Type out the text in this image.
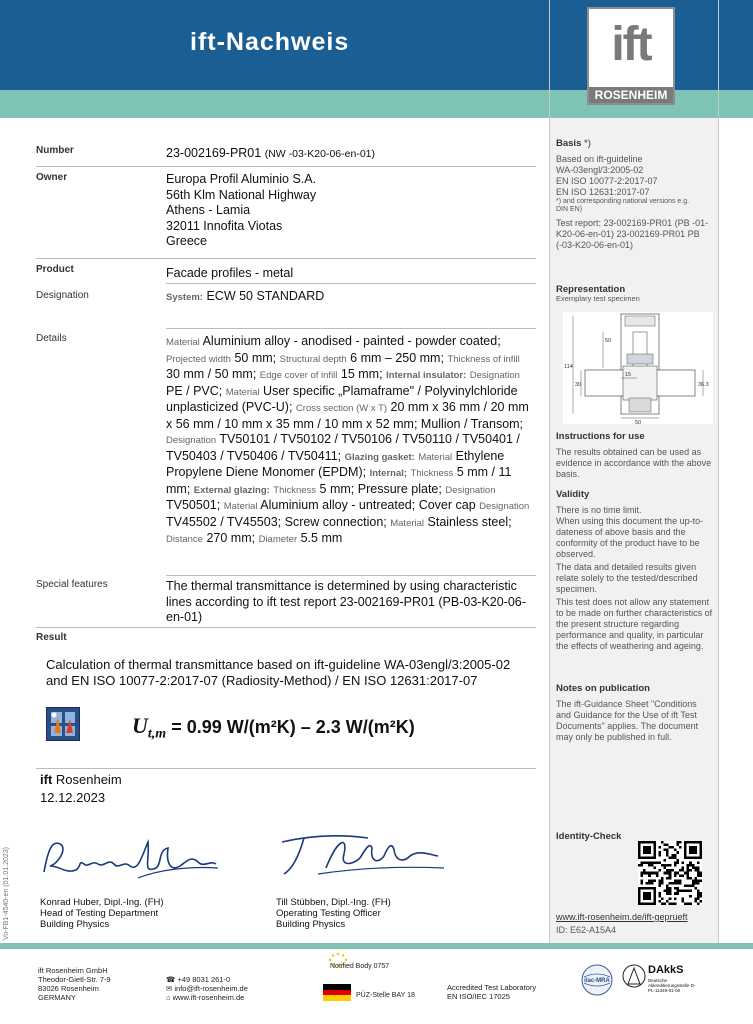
ift-Nachweis	ift
ROSENHEIM
Number	23-002169-PR01 (NW -03-K20-06-en-01)
Owner	Europa Profil Aluminio S.A.
56th Klm National Highway
Athens - Lamia
32011 Innofita Viotas
Greece
Product	Facade profiles - metal
Designation	System: ECW 50 STANDARD
Details	Material Aluminium alloy - anodised - painted - powder coated; Projected width 50 mm; Structural depth 6 mm – 250 mm; Thickness of infill 30 mm / 50 mm; Edge cover of infill 15 mm; Internal insulator: Designation PE / PVC; Material User specific „Plamaframe" / Polyvinylchloride unplasticized (PVC-U); Cross section (W x T) 20 mm x 36 mm / 20 mm x 56 mm / 10 mm x 35 mm / 10 mm x 52 mm; Mullion / Transom; Designation TV50101 / TV50102 / TV50106 / TV50110 / TV50401 / TV50403 / TV50406 / TV50411; Glazing gasket: Material Ethylene Propylene Diene Monomer (EPDM); Internal; Thickness 5 mm / 11 mm; External glazing: Thickness 5 mm; Pressure plate; Designation TV50501; Material Aluminium alloy - untreated; Cover cap Designation TV45502 / TV45503; Screw connection; Material Stainless steel; Distance 270 mm; Diameter 5.5 mm
Special features	The thermal transmittance is determined by using characteristic lines according to ift test report 23-002169-PR01 (PB-03-K20-06-en-01)
Result
Calculation of thermal transmittance based on ift-guideline WA-03engl/3:2005-02 and EN ISO 10077-2:2017-07 (Radiosity-Method) / EN ISO 12631:2017-07
$U_{t,m} = 0.99$ W/(m²K) – 2.3 W/(m²K)
ift Rosenheim
12.12.2023
Vo-FB1-4540-en (01.01.2023)	Konrad Huber, Dipl.-Ing. (FH)
Head of Testing Department
Building Physics
Till Stübben, Dipl.-Ing. (FH)
Operating Testing Officer
Building Physics
Basis *)
Based on ift-guideline
WA-03engl/3:2005-02
EN ISO 10077-2:2017-07
EN ISO 12631:2017-07
*) and corresponding national versions e.g. DIN EN)
Test report: 23-002169-PR01 (PB -01-K20-06-en-01) 23-002169-PR01 PB (-03-K20-06-en-01)
Representation
Exemplary test specimen
50
114
30
15
50
36.3
Instructions for use
The results obtained can be used as evidence in accordance with the above basis.
Validity
There is no time limit.
When using this document the up-to-dateness of above basis and the conformity of the product have to be observed.
The data and detailed results given relate solely to the tested/described specimen.
This test does not allow any statement to be made on further characteristics of the present structure regarding performance and quality, in particular the effects of weathering and ageing.
Notes on publication
The ift-Guidance Sheet "Conditions and Guidance for the Use of ift Test Documents" applies. The document may only be published in full.
Identity-Check
www.ift-rosenheim.de/ift-geprueft
ID: E62-A15A4
ift Rosenheim GmbH
Theodor-Gietl-Str. 7-9
83026 Rosenheim
GERMANY
☎ +49 8031 261-0
✉ info@ift-rosenheim.de
⌂ www.ift-rosenheim.de
Notified Body 0757
PÜZ-Stelle BAY 18
Accredited Test Laboratory
EN ISO/IEC 17025
ilac-MRA
DAkkS
Deutsche Akkreditierungsstelle D-PL-11349-01-00
